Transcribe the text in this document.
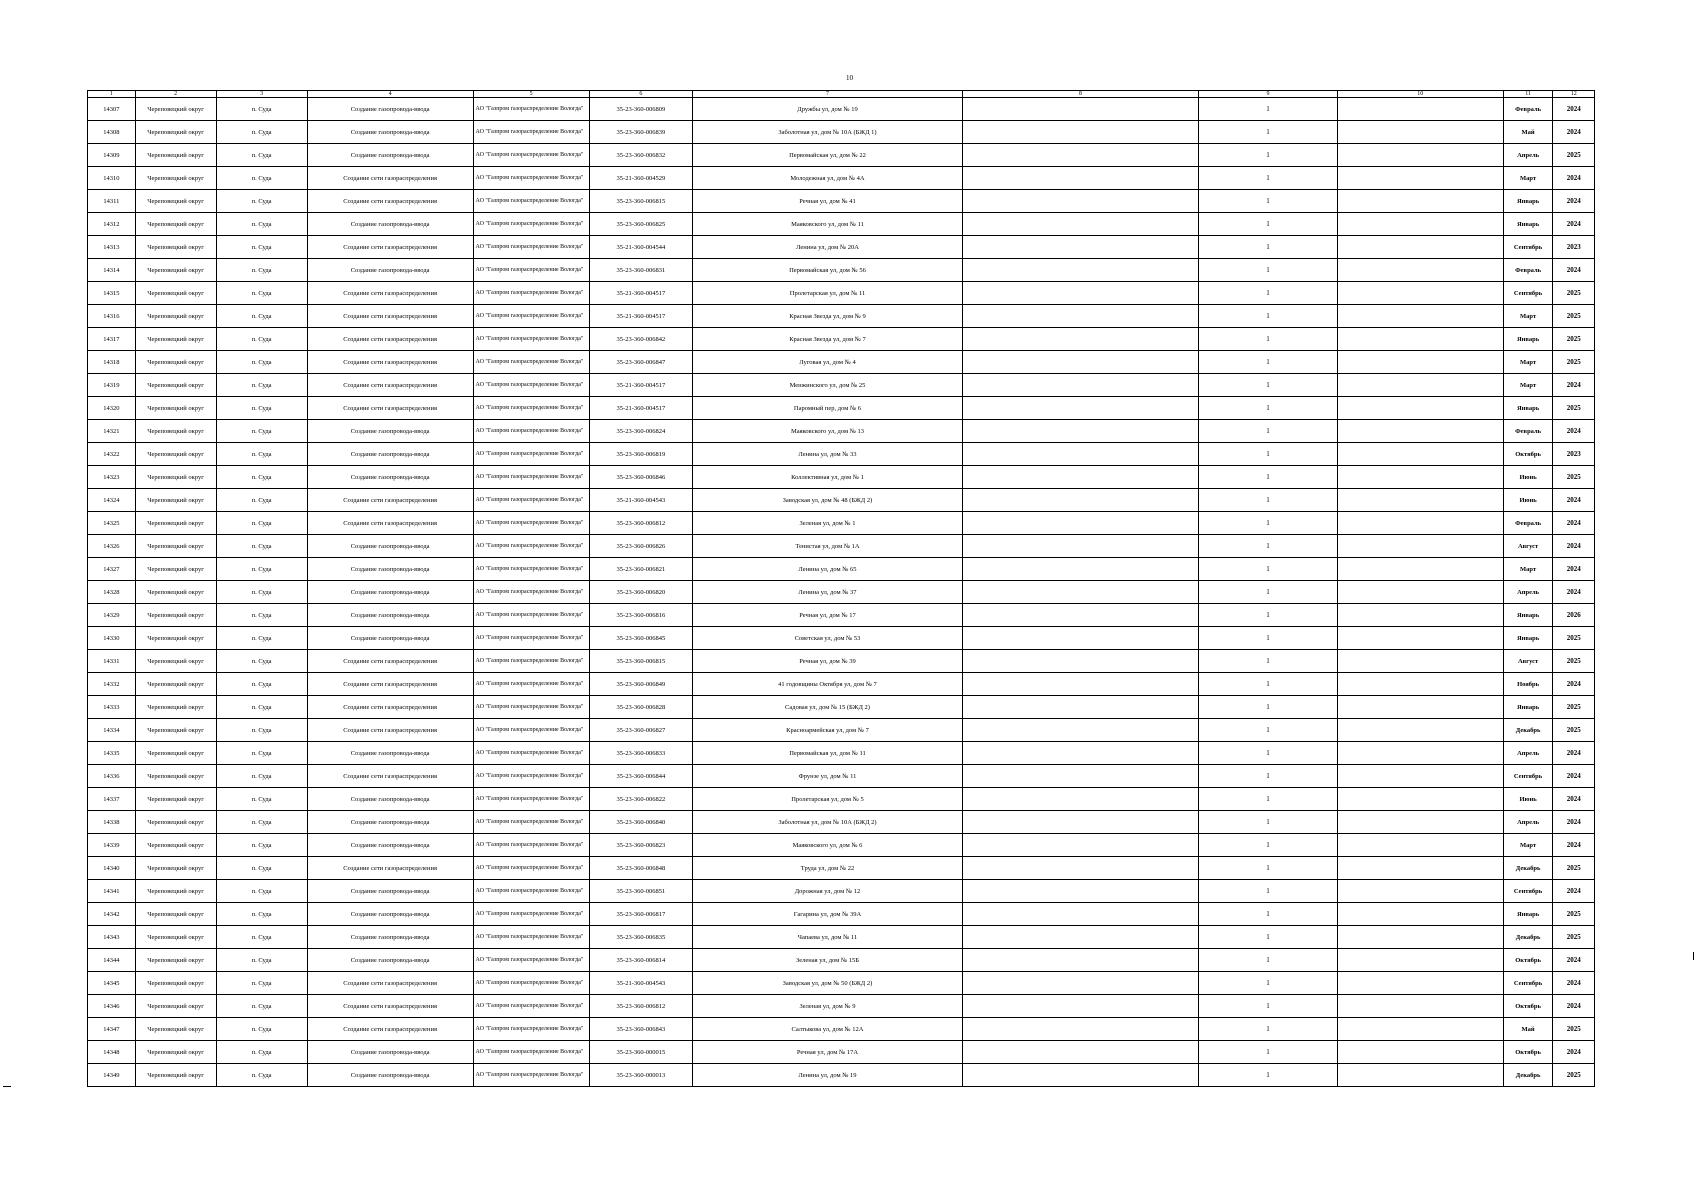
10
1	2	3	4	5	6	7	8	9	10	11	12
14307	Череповецкий округ	п. Суда	Создание газопровода-ввода	АО "Газпром газораспределение Вологда"	35-23-360-006809	Дружбы ул, дом № 19		1		Февраль	2024
14308	Череповецкий округ	п. Суда	Создание газопровода-ввода	АО "Газпром газораспределение Вологда"	35-23-360-006839	Заболотная ул, дом № 10А (БЖД 1)		1		Май	2024
14309	Череповецкий округ	п. Суда	Создание газопровода-ввода	АО "Газпром газораспределение Вологда"	35-23-360-006832	Первомайская ул, дом № 22		1		Апрель	2025
14310	Череповецкий округ	п. Суда	Создание сети газораспределения	АО "Газпром газораспределение Вологда"	35-21-360-004529	Молодежная ул, дом № 4А		1		Март	2024
14311	Череповецкий округ	п. Суда	Создание сети газораспределения	АО "Газпром газораспределение Вологда"	35-23-360-006815	Речная ул, дом № 41		1		Январь	2024
14312	Череповецкий округ	п. Суда	Создание газопровода-ввода	АО "Газпром газораспределение Вологда"	35-23-360-006825	Маяковского ул, дом № 11		1		Январь	2024
14313	Череповецкий округ	п. Суда	Создание сети газораспределения	АО "Газпром газораспределение Вологда"	35-21-360-004544	Ленина ул, дом № 20А		1		Сентябрь	2023
14314	Череповецкий округ	п. Суда	Создание газопровода-ввода	АО "Газпром газораспределение Вологда"	35-23-360-006831	Первомайская ул, дом № 56		1		Февраль	2024
14315	Череповецкий округ	п. Суда	Создание сети газораспределения	АО "Газпром газораспределение Вологда"	35-21-360-004517	Пролетарская ул, дом № 11		1		Сентябрь	2025
14316	Череповецкий округ	п. Суда	Создание сети газораспределения	АО "Газпром газораспределение Вологда"	35-21-360-004517	Красная Звезда ул, дом № 9		1		Март	2025
14317	Череповецкий округ	п. Суда	Создание сети газораспределения	АО "Газпром газораспределение Вологда"	35-23-360-006842	Красная Звезда ул, дом № 7		1		Январь	2025
14318	Череповецкий округ	п. Суда	Создание сети газораспределения	АО "Газпром газораспределение Вологда"	35-23-360-006847	Луговая ул, дом № 4		1		Март	2025
14319	Череповецкий округ	п. Суда	Создание сети газораспределения	АО "Газпром газораспределение Вологда"	35-21-360-004517	Менжинского ул, дом № 25		1		Март	2024
14320	Череповецкий округ	п. Суда	Создание сети газораспределения	АО "Газпром газораспределение Вологда"	35-21-360-004517	Паромный пер, дом № 6		1		Январь	2025
14321	Череповецкий округ	п. Суда	Создание газопровода-ввода	АО "Газпром газораспределение Вологда"	35-23-360-006824	Маяковского ул, дом № 13		1		Февраль	2024
14322	Череповецкий округ	п. Суда	Создание газопровода-ввода	АО "Газпром газораспределение Вологда"	35-23-360-006819	Ленина ул, дом № 33		1		Октябрь	2023
14323	Череповецкий округ	п. Суда	Создание газопровода-ввода	АО "Газпром газораспределение Вологда"	35-23-360-006846	Коллективная ул, дом № 1		1		Июнь	2025
14324	Череповецкий округ	п. Суда	Создание сети газораспределения	АО "Газпром газораспределение Вологда"	35-21-360-004543	Заводская ул, дом № 48 (БЖД 2)		1		Июнь	2024
14325	Череповецкий округ	п. Суда	Создание сети газораспределения	АО "Газпром газораспределение Вологда"	35-23-360-006812	Зеленая ул, дом № 1		1		Февраль	2024
14326	Череповецкий округ	п. Суда	Создание газопровода-ввода	АО "Газпром газораспределение Вологда"	35-23-360-006826	Тенистая ул, дом № 1А		1		Август	2024
14327	Череповецкий округ	п. Суда	Создание газопровода-ввода	АО "Газпром газораспределение Вологда"	35-23-360-006821	Ленина ул, дом № 65		1		Март	2024
14328	Череповецкий округ	п. Суда	Создание газопровода-ввода	АО "Газпром газораспределение Вологда"	35-23-360-006820	Ленина ул, дом № 37		1		Апрель	2024
14329	Череповецкий округ	п. Суда	Создание газопровода-ввода	АО "Газпром газораспределение Вологда"	35-23-360-006816	Речная ул, дом № 17		1		Январь	2026
14330	Череповецкий округ	п. Суда	Создание газопровода-ввода	АО "Газпром газораспределение Вологда"	35-23-360-006845	Советская ул, дом № 53		1		Январь	2025
14331	Череповецкий округ	п. Суда	Создание сети газораспределения	АО "Газпром газораспределение Вологда"	35-23-360-006815	Речная ул, дом № 39		1		Август	2025
14332	Череповецкий округ	п. Суда	Создание сети газораспределения	АО "Газпром газораспределение Вологда"	35-23-360-006849	41 годовщины Октября ул, дом № 7		1		Ноябрь	2024
14333	Череповецкий округ	п. Суда	Создание сети газораспределения	АО "Газпром газораспределение Вологда"	35-23-360-006828	Садовая ул, дом № 15 (БЖД 2)		1		Январь	2025
14334	Череповецкий округ	п. Суда	Создание сети газораспределения	АО "Газпром газораспределение Вологда"	35-23-360-006827	Красноармейская ул, дом № 7		1		Декабрь	2025
14335	Череповецкий округ	п. Суда	Создание газопровода-ввода	АО "Газпром газораспределение Вологда"	35-23-360-006833	Первомайская ул, дом № 11		1		Апрель	2024
14336	Череповецкий округ	п. Суда	Создание сети газораспределения	АО "Газпром газораспределение Вологда"	35-23-360-006844	Фрунзе ул, дом № 11		1		Сентябрь	2024
14337	Череповецкий округ	п. Суда	Создание газопровода-ввода	АО "Газпром газораспределение Вологда"	35-23-360-006822	Пролетарская ул, дом № 5		1		Июнь	2024
14338	Череповецкий округ	п. Суда	Создание газопровода-ввода	АО "Газпром газораспределение Вологда"	35-23-360-006840	Заболотная ул, дом № 10А (БЖД 2)		1		Апрель	2024
14339	Череповецкий округ	п. Суда	Создание газопровода-ввода	АО "Газпром газораспределение Вологда"	35-23-360-006823	Маяковского ул, дом № 6		1		Март	2024
14340	Череповецкий округ	п. Суда	Создание сети газораспределения	АО "Газпром газораспределение Вологда"	35-23-360-006848	Труда ул, дом № 22		1		Декабрь	2025
14341	Череповецкий округ	п. Суда	Создание газопровода-ввода	АО "Газпром газораспределение Вологда"	35-23-360-006851	Дорожная ул, дом № 12		1		Сентябрь	2024
14342	Череповецкий округ	п. Суда	Создание газопровода-ввода	АО "Газпром газораспределение Вологда"	35-23-360-006817	Гагарина ул, дом № 39А		1		Январь	2025
14343	Череповецкий округ	п. Суда	Создание газопровода-ввода	АО "Газпром газораспределение Вологда"	35-23-360-006835	Чапаева ул, дом № 11		1		Декабрь	2025
14344	Череповецкий округ	п. Суда	Создание газопровода-ввода	АО "Газпром газораспределение Вологда"	35-23-360-006814	Зеленая ул, дом № 15Б		1		Октябрь	2024
14345	Череповецкий округ	п. Суда	Создание сети газораспределения	АО "Газпром газораспределение Вологда"	35-21-360-004543	Заводская ул, дом № 50 (БЖД 2)		1		Сентябрь	2024
14346	Череповецкий округ	п. Суда	Создание сети газораспределения	АО "Газпром газораспределение Вологда"	35-23-360-006812	Зеленая ул, дом № 9		1		Октябрь	2024
14347	Череповецкий округ	п. Суда	Создание сети газораспределения	АО "Газпром газораспределение Вологда"	35-23-360-006843	Салтыкова ул, дом № 12А		1		Май	2025
14348	Череповецкий округ	п. Суда	Создание газопровода-ввода	АО "Газпром газораспределение Вологда"	35-23-360-000015	Речная ул, дом № 17А		1		Октябрь	2024
14349	Череповецкий округ	п. Суда	Создание газопровода-ввода	АО "Газпром газораспределение Вологда"	35-23-360-000013	Ленина ул, дом № 19		1		Декабрь	2025
